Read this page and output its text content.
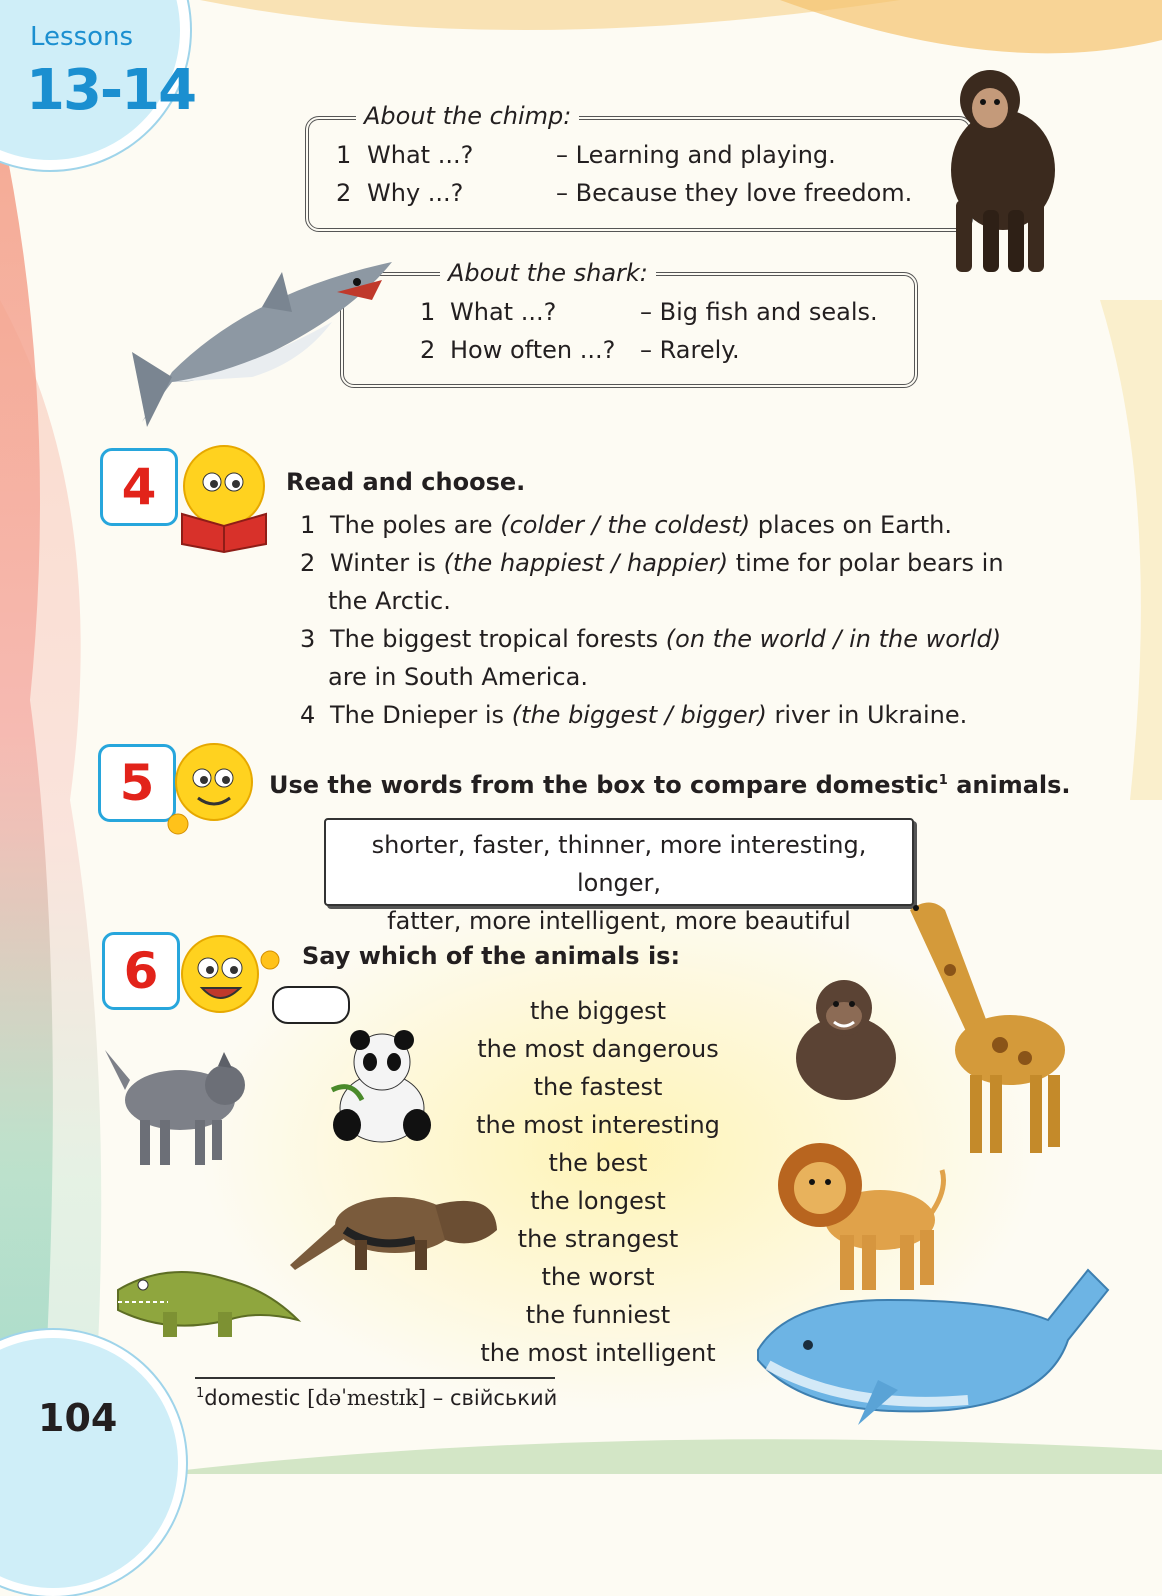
Lessons
13-14	About the chimp:
1 What ...?	– Learning and playing.
2 Why ...?	– Because they love freedom.
About the shark:
1 What ...?	– Big fish and seals.
2 How often ...? – Rarely.
4	Read and choose.
1 The poles are (colder / the coldest) places on Earth.
2 Winter is (the happiest / happier) time for polar bears in
the Arctic.
3 The biggest tropical forests (on the world / in the world)
are in South America.
4 The Dnieper is (the biggest / bigger) river in Ukraine.
5	Use the words from the box to compare domestic$^1$ animals.
shorter, faster, thinner, more interesting, longer,
fatter, more intelligent, more beautiful
6	Say which of the animals is:
the biggest
the most dangerous
the fastest
the most interesting
the best
the longest
the strangest
the worst
the funniest
the most intelligent
$^1$domestic [dəˈmestɪk] – свійський
104
